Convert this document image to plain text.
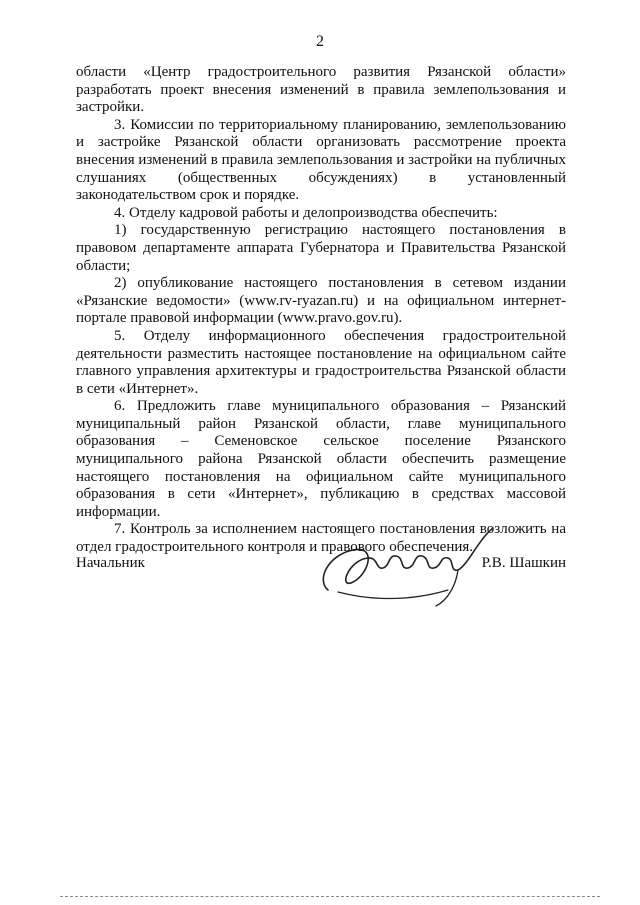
2

области «Центр градостроительного развития Рязанской области» разработать проект внесения изменений в правила землепользования и застройки.

3. Комиссии по территориальному планированию, землепользованию и застройке Рязанской области организовать рассмотрение проекта внесения изменений в правила землепользования и застройки на публичных слушаниях (общественных обсуждениях) в установленный законодательством срок и порядке.

4. Отделу кадровой работы и делопроизводства обеспечить:

1) государственную регистрацию настоящего постановления в правовом департаменте аппарата Губернатора и Правительства Рязанской области;

2) опубликование настоящего постановления в сетевом издании «Рязанские ведомости» (www.rv-ryazan.ru) и на официальном интернет-портале правовой информации (www.pravo.gov.ru).

5. Отделу информационного обеспечения градостроительной деятельности разместить настоящее постановление на официальном сайте главного управления архитектуры и градостроительства Рязанской области в сети «Интернет».

6. Предложить главе муниципального образования – Рязанский муниципальный район Рязанской области, главе муниципального образования – Семеновское сельское поселение Рязанского муниципального района Рязанской области обеспечить размещение настоящего постановления на официальном сайте муниципального образования в сети «Интернет», публикацию в средствах массовой информации.

7. Контроль за исполнением настоящего постановления возложить на отдел градостроительного контроля и правового обеспечения.

Начальник	Р.В. Шашкин
